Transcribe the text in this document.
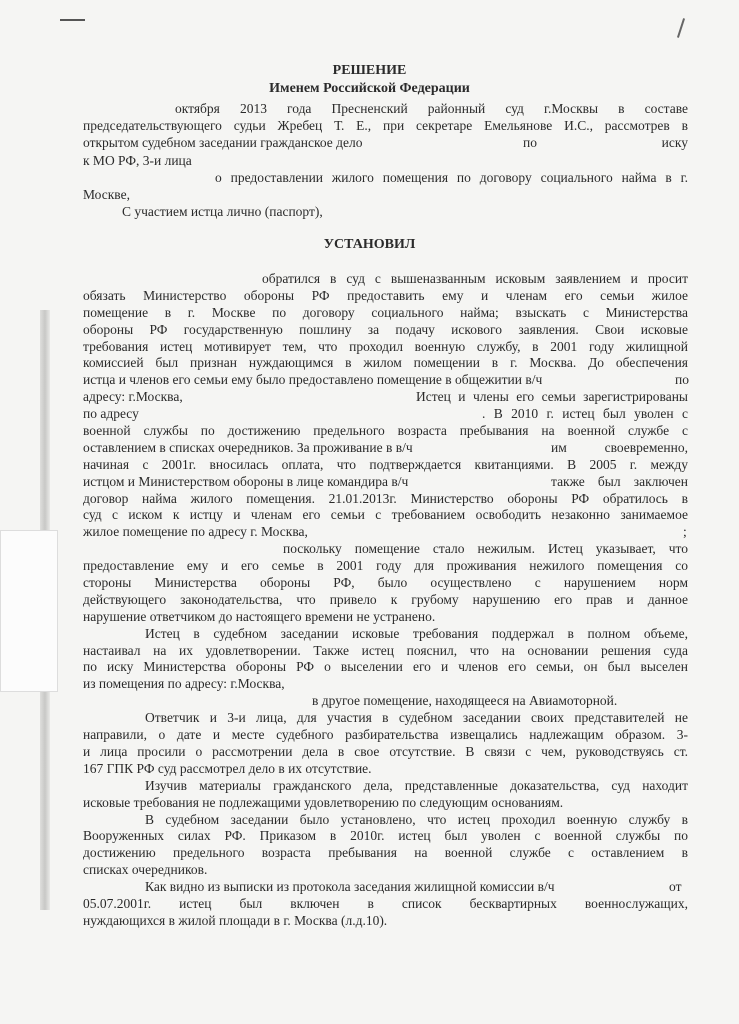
РЕШЕНИЕ
Именем Российской Федерации
октября 2013 года Пресненский районный суд г.Москвы в составе
председательствующего судьи Жребец Т. Е., при секретаре Емельянове И.С., рассмотрев в
открытом судебном заседании гражданское дело	по иску
к МО РФ, 3-и лица
о предоставлении жилого помещения по договору социального найма в г.
Москве,
С участием истца лично (паспорт),
УСТАНОВИЛ
обратился в суд с вышеназванным исковым заявлением и просит
обязать Министерство обороны РФ предоставить ему и членам его семьи жилое
помещение в г. Москве по договору социального найма; взыскать с Министерства
обороны РФ государственную пошлину за подачу искового заявления. Свои исковые
требования истец мотивирует тем, что проходил военную службу, в 2001 году жилищной
комиссией был признан нуждающимся в жилом помещении в г. Москва. До обеспечения
истца и членов его семьи ему было предоставлено помещение в общежитии в/ч	по
адресу: г.Москва,	Истец и члены его семьи зарегистрированы
по адресу	. В 2010 г. истец был уволен с
военной службы по достижению предельного возраста пребывания на военной службе с
оставлением в списках очередников. За проживание в в/ч	им своевременно,
начиная с 2001г. вносилась оплата, что подтверждается квитанциями. В 2005 г. между
истцом и Министерством обороны в лице командира в/ч	также был заключен
договор найма жилого помещения. 21.01.2013г. Министерство обороны РФ обратилось в
суд с иском к истцу и членам его семьи с требованием освободить незаконно занимаемое
жилое помещение по адресу г. Москва,	;
поскольку помещение стало нежилым. Истец указывает, что
предоставление ему и его семье в 2001 году для проживания нежилого помещения со
стороны Министерства обороны РФ, было осуществлено с нарушением норм
действующего законодательства, что привело к грубому нарушению его прав и данное
нарушение ответчиком до настоящего времени не устранено.
Истец в судебном заседании исковые требования поддержал в полном объеме,
настаивал на их удовлетворении. Также истец пояснил, что на основании решения суда
по иску Министерства обороны РФ о выселении его и членов его семьи, он был выселен
из помещения по адресу: г.Москва,
в другое помещение, находящееся на Авиамоторной.
Ответчик и 3-и лица, для участия в судебном заседании своих представителей не
направили, о дате и месте судебного разбирательства извещались надлежащим образом. 3-
и лица просили о рассмотрении дела в свое отсутствие. В связи с чем, руководствуясь ст.
167 ГПК РФ суд рассмотрел дело в их отсутствие.
Изучив материалы гражданского дела, представленные доказательства, суд находит
исковые требования не подлежащими удовлетворению по следующим основаниям.
В судебном заседании было установлено, что истец проходил военную службу в
Вооруженных силах РФ. Приказом в 2010г. истец был уволен с военной службы по
достижению предельного возраста пребывания на военной службе с оставлением в
списках очередников.
Как видно из выписки из протокола заседания жилищной комиссии в/ч	от
05.07.2001г. истец был включен в список бесквартирных военнослужащих,
нуждающихся в жилой площади в г. Москва (л.д.10).
